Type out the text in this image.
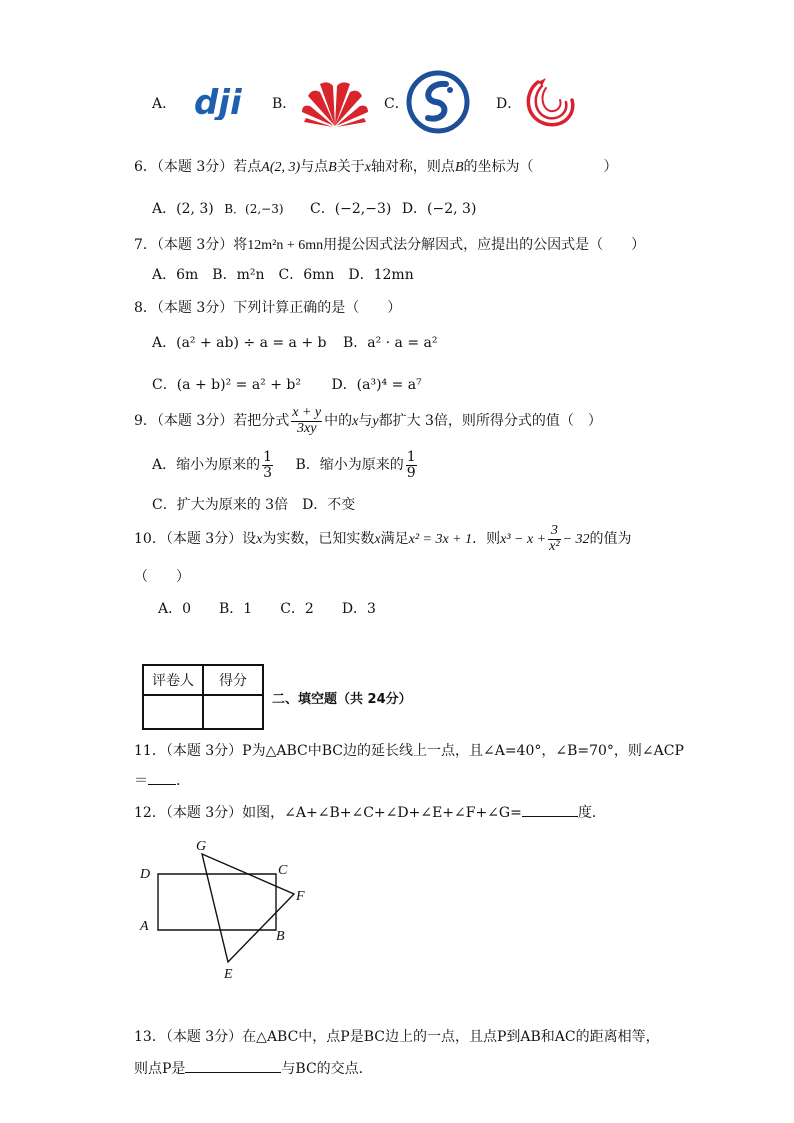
A． dji B．	C．	D．
6．（本题 3分）若点A(2, 3)与点B关于x轴对称，则点B的坐标为（　　　　　）
A．(2, 3) B．(2,−3) C．(−2,−3) D．(−2, 3)
7．（本题 3分）将12m²n + 6mn用提公因式法分解因式，应提出的公因式是（　　）
A．6m　B．m²n　C．6mn　D．12mn
8．（本题 3分）下列计算正确的是（　　）
A．(a² + ab) ÷ a = a + b B．a² · a = a²
C．(a + b)² = a² + b² D．(a³)⁴ = a⁷
9．（本题 3分）若把分式 $\frac{x + y}{3xy}$ 中的x与y都扩大 3倍，则所得分式的值（　）
A．缩小为原来的 $\frac{1}{3}$ B．缩小为原来的 $\frac{1}{9}$
C．扩大为原来的 3倍　D．不变
10．（本题 3分）设x为实数，已知实数x满足x² = 3x + 1．则$x^3 - x + \frac{3}{\text{x²}} - 32$的值为
（　　）
A．0　　B．1　　C．2　　D．3
评卷人	得分

二、填空题（共 24分）
11．（本题 3分）P为△ABC中BC边的延长线上一点，且∠A=40°，∠B=70°，则∠ACP
＝ ．
12．（本题 3分）如图，∠A+∠B+∠C+∠D+∠E+∠F+∠G=	度．
G
C
D
F
A
B
E
13．（本题 3分）在△ABC中，点P是BC边上的一点，且点P到AB和AC的距离相等，
则点P是	与BC的交点．
